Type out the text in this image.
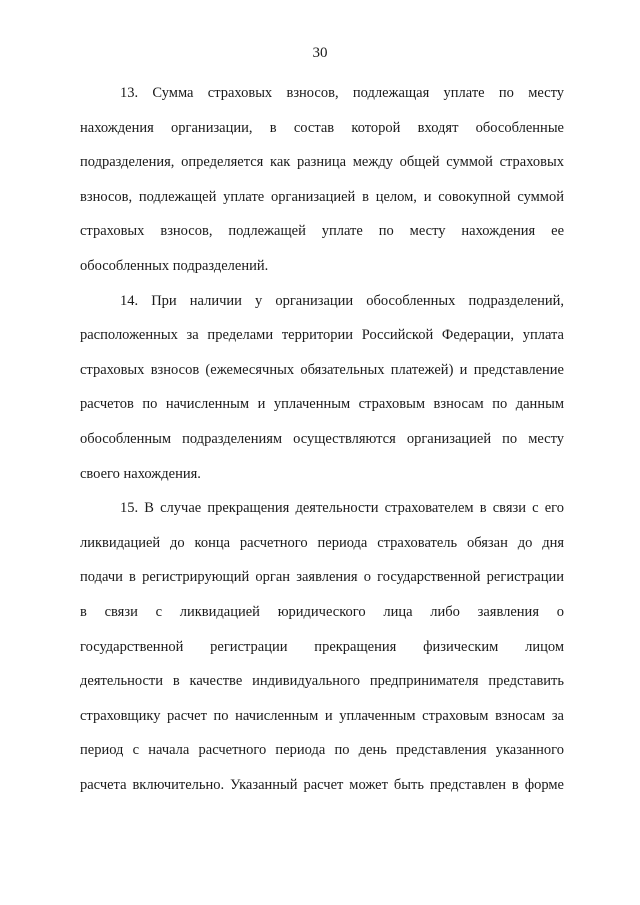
30

13. Сумма страховых взносов, подлежащая уплате по месту
нахождения организации, в состав которой входят обособленные
подразделения, определяется как разница между общей суммой страховых
взносов, подлежащей уплате организацией в целом, и совокупной суммой
страховых взносов, подлежащей уплате по месту нахождения ее
обособленных подразделений.

14. При наличии у организации обособленных подразделений,
расположенных за пределами территории Российской Федерации, уплата
страховых взносов (ежемесячных обязательных платежей) и представление
расчетов по начисленным и уплаченным страховым взносам по данным
обособленным подразделениям осуществляются организацией по месту
своего нахождения.

15. В случае прекращения деятельности страхователем в связи с его
ликвидацией до конца расчетного периода страхователь обязан до дня
подачи в регистрирующий орган заявления о государственной регистрации
в связи с ликвидацией юридического лица либо заявления о
государственной регистрации прекращения физическим лицом
деятельности в качестве индивидуального предпринимателя представить
страховщику расчет по начисленным и уплаченным страховым взносам за
период с начала расчетного периода по день представления указанного
расчета включительно. Указанный расчет может быть представлен в форме
